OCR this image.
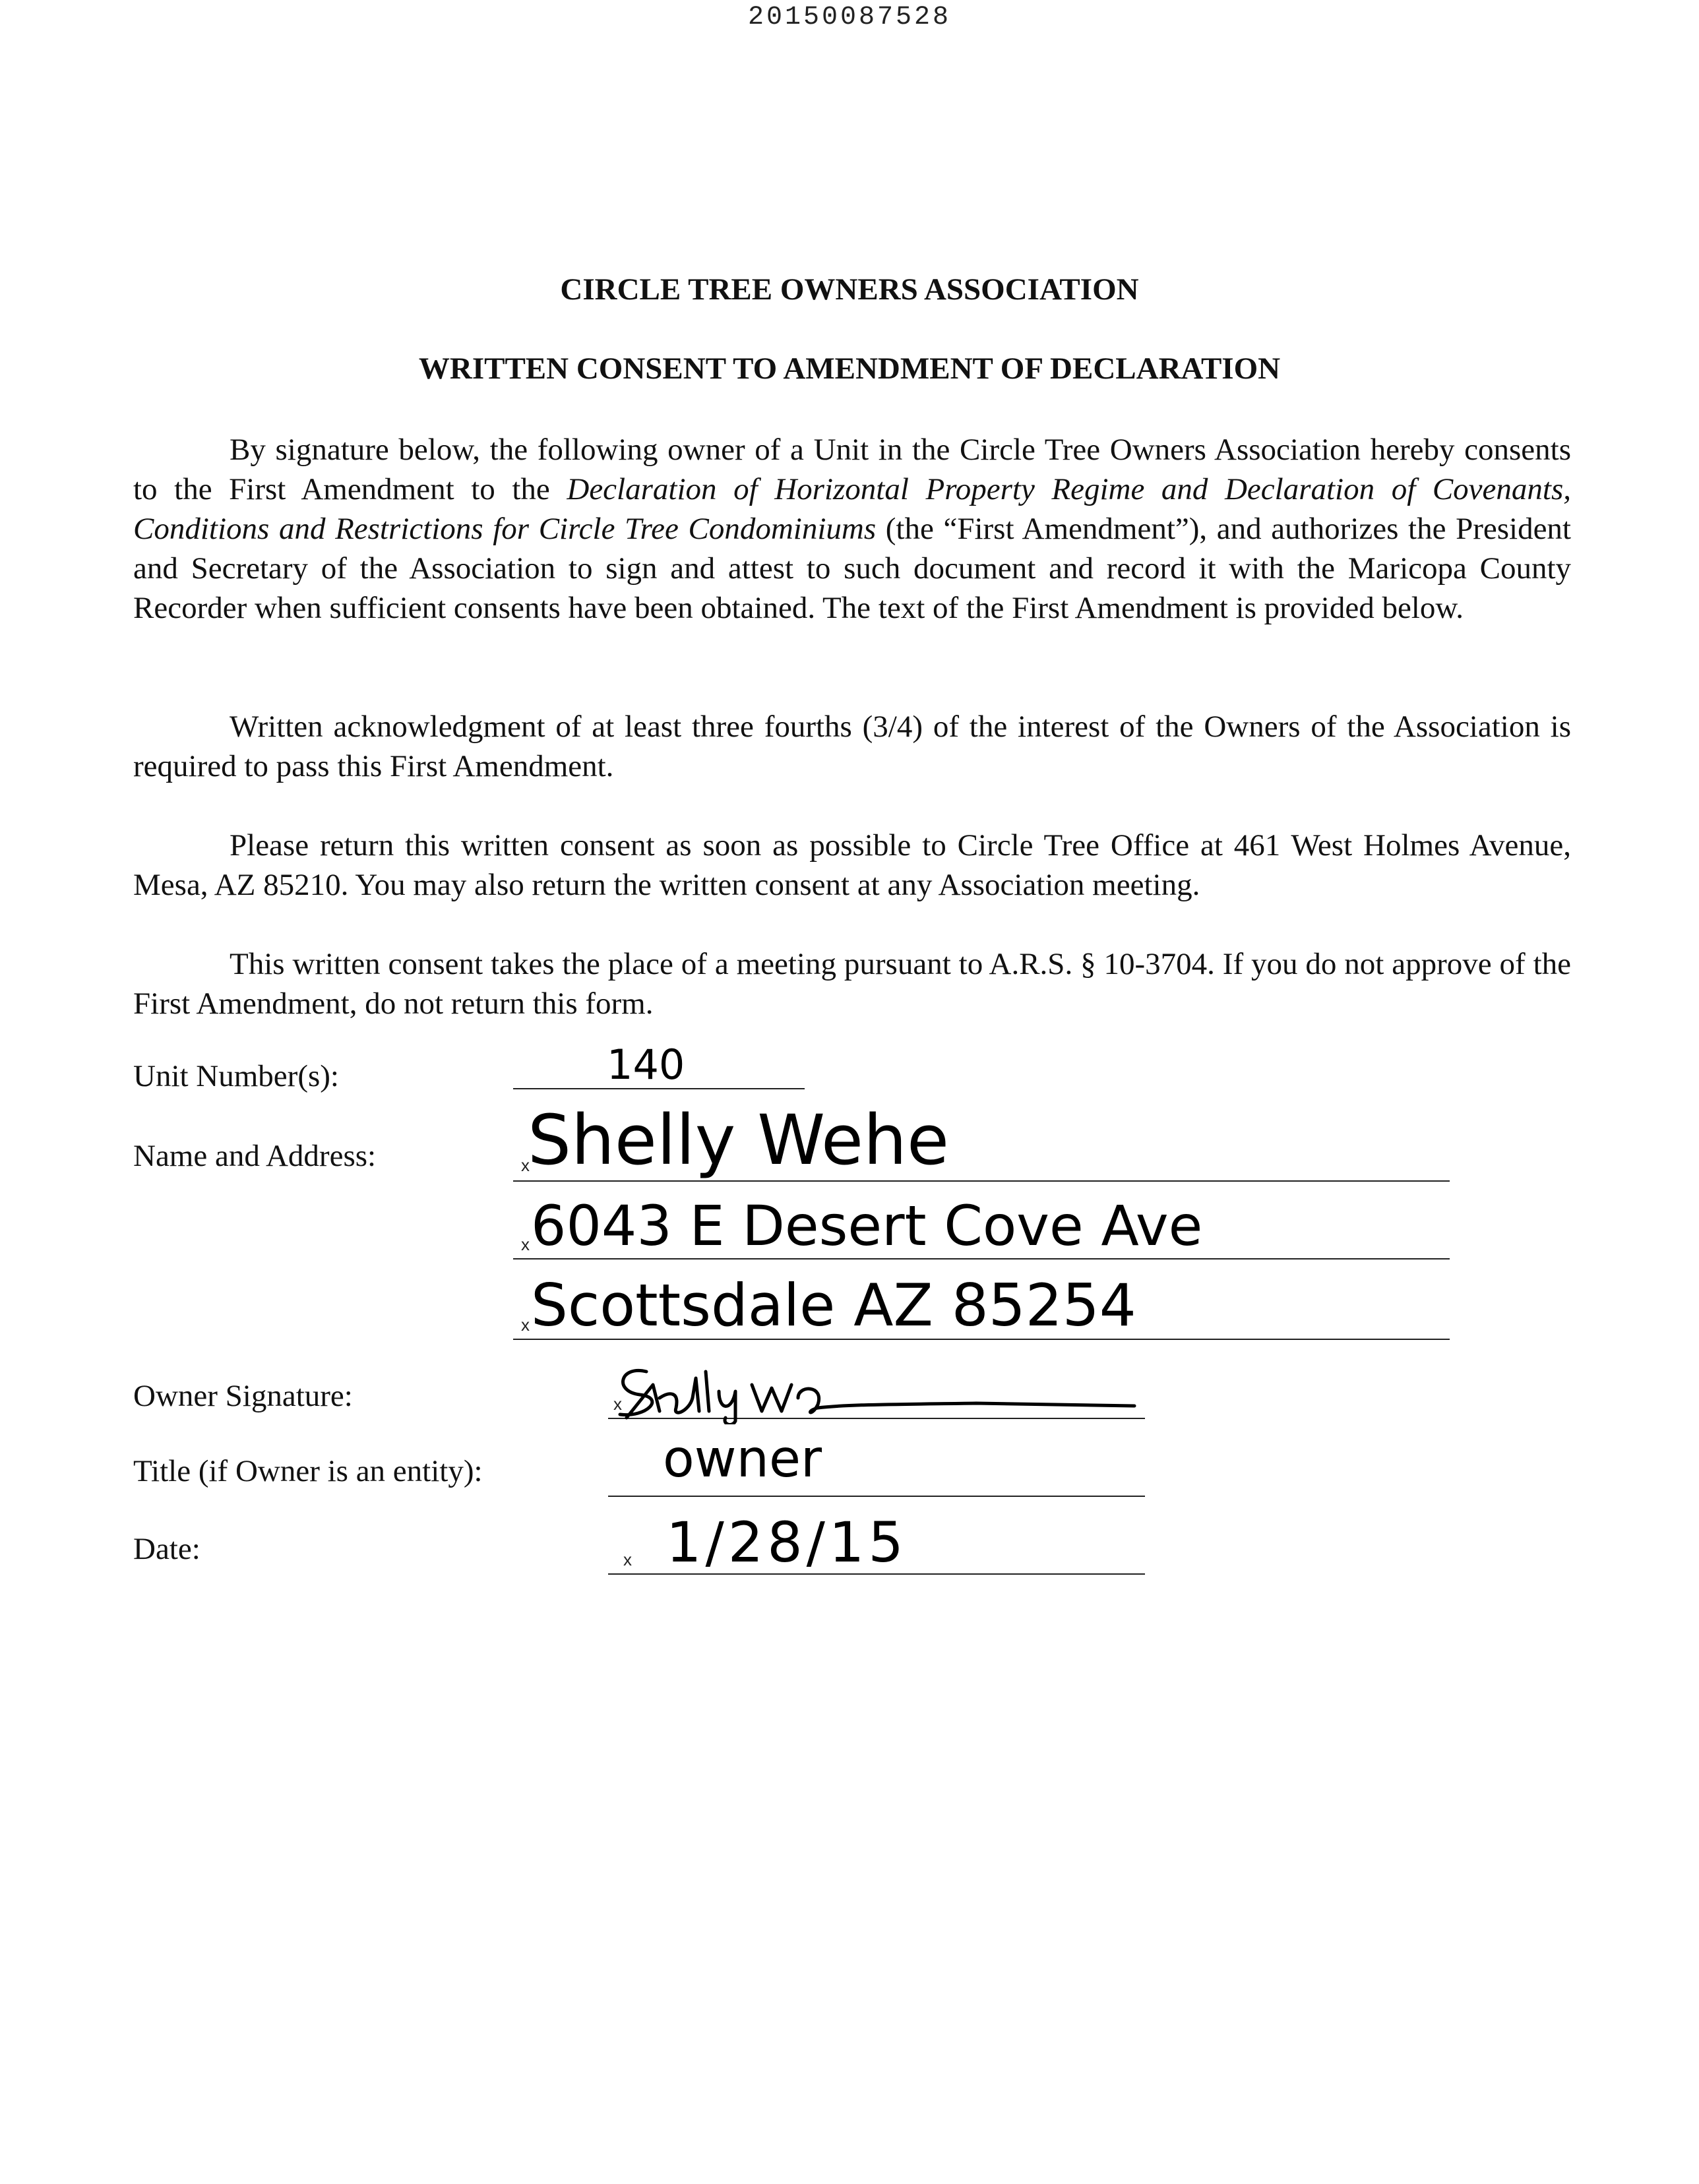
20150087528
CIRCLE TREE OWNERS ASSOCIATION
WRITTEN CONSENT TO AMENDMENT OF DECLARATION

By signature below, the following owner of a Unit in the Circle Tree Owners Association hereby consents to the First Amendment to the Declaration of Horizontal Property Regime and Declaration of Covenants, Conditions and Restrictions for Circle Tree Condominiums (the “First Amendment”), and authorizes the President and Secretary of the Association to sign and attest to such document and record it with the Maricopa County Recorder when sufficient consents have been obtained. The text of the First Amendment is provided below.

Written acknowledgment of at least three fourths (3/4) of the interest of the Owners of the Association is required to pass this First Amendment.

Please return this written consent as soon as possible to Circle Tree Office at 461 West Holmes Avenue, Mesa, AZ 85210. You may also return the written consent at any Association meeting.

This written consent takes the place of a meeting pursuant to A.R.S. § 10-3704. If you do not approve of the First Amendment, do not return this form.

Unit Number(s):	140
Name and Address:	x
Shelly Wehe
x 6043 E Desert Cove Ave
x Scottsdale AZ 85254
Owner Signature:	x
Title (if Owner is an entity):	owner
Date:	x 1/28/15
